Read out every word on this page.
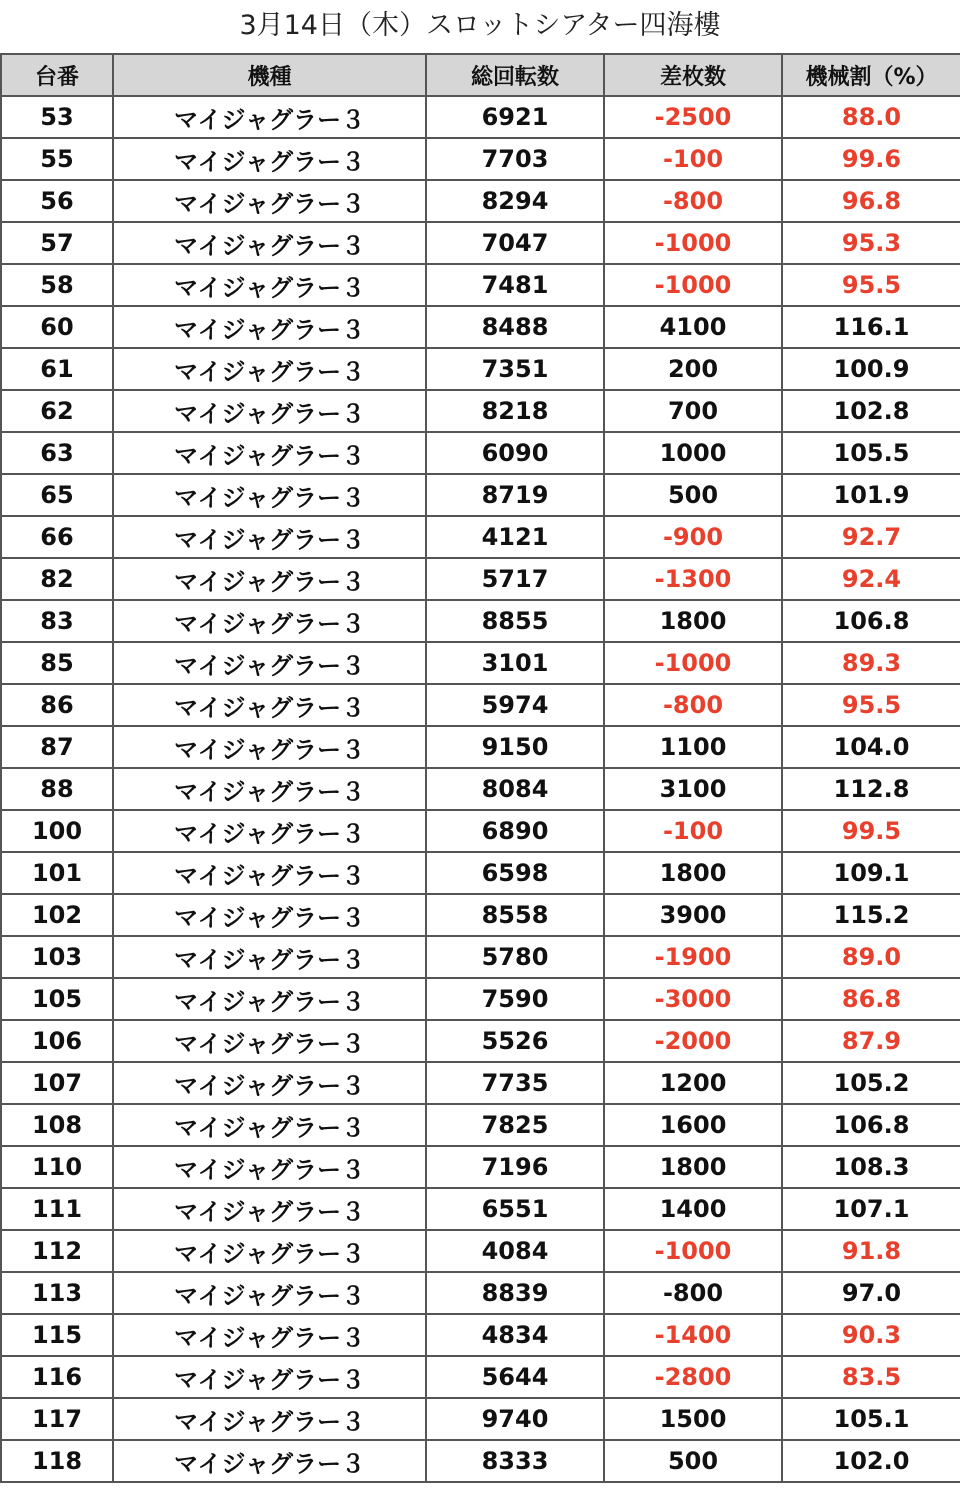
3月14日（木）スロットシアター四海樓
台番	機種	総回転数	差枚数	機械割（%）
53	マイジャグラー３	6921	-2500	88.0
55	マイジャグラー３	7703	-100	99.6
56	マイジャグラー３	8294	-800	96.8
57	マイジャグラー３	7047	-1000	95.3
58	マイジャグラー３	7481	-1000	95.5
60	マイジャグラー３	8488	4100	116.1
61	マイジャグラー３	7351	200	100.9
62	マイジャグラー３	8218	700	102.8
63	マイジャグラー３	6090	1000	105.5
65	マイジャグラー３	8719	500	101.9
66	マイジャグラー３	4121	-900	92.7
82	マイジャグラー３	5717	-1300	92.4
83	マイジャグラー３	8855	1800	106.8
85	マイジャグラー３	3101	-1000	89.3
86	マイジャグラー３	5974	-800	95.5
87	マイジャグラー３	9150	1100	104.0
88	マイジャグラー３	8084	3100	112.8
100	マイジャグラー３	6890	-100	99.5
101	マイジャグラー３	6598	1800	109.1
102	マイジャグラー３	8558	3900	115.2
103	マイジャグラー３	5780	-1900	89.0
105	マイジャグラー３	7590	-3000	86.8
106	マイジャグラー３	5526	-2000	87.9
107	マイジャグラー３	7735	1200	105.2
108	マイジャグラー３	7825	1600	106.8
110	マイジャグラー３	7196	1800	108.3
111	マイジャグラー３	6551	1400	107.1
112	マイジャグラー３	4084	-1000	91.8
113	マイジャグラー３	8839	-800	97.0
115	マイジャグラー３	4834	-1400	90.3
116	マイジャグラー３	5644	-2800	83.5
117	マイジャグラー３	9740	1500	105.1
118	マイジャグラー３	8333	500	102.0
